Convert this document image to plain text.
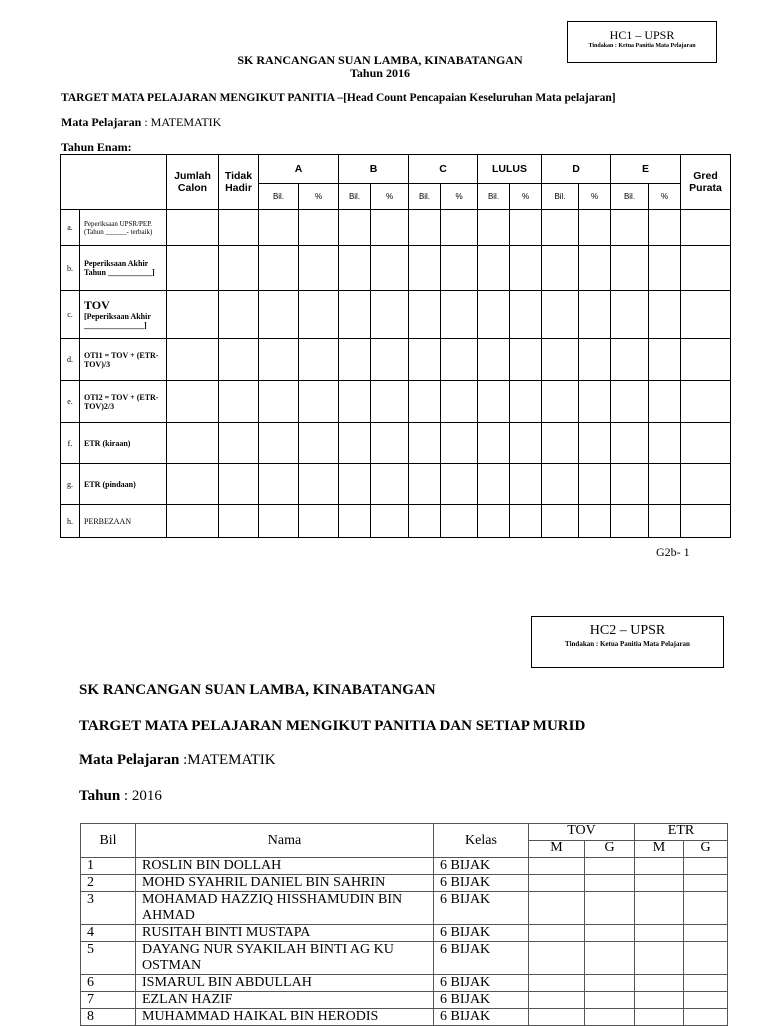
HC1 – UPSR
Tindakan : Ketua Panitia Mata Pelajaran
SK RANCANGAN SUAN LAMBA, KINABATANGAN
Tahun 2016
TARGET MATA PELAJARAN MENGIKUT PANITIA –[Head Count Pencapaian Keseluruhan Mata pelajaran]
Mata Pelajaran : MATEMATIK
Tahun Enam:
		Jumlah Calon	Tidak Hadir	A		B		C		LULUS		D		E		Gred Purata
				Bil.	%	Bil.	%	Bil.	%	Bil.	%	Bil.	%	Bil.	%	
a.	Peperiksaan UPSR/PEP. (Tahun ______- terbaik)															
b.	Peperiksaan Akhir Tahun ___________]															
c.	TOV
[Peperiksaan Akhir _______________]															

d.	OTI1 = TOV + (ETR-TOV)/3															
e.	OTI2 = TOV + (ETR-TOV)2/3															
f.	ETR (kiraan)															
g.	ETR (pindaan)															
h.	PERBEZAAN															
G2b- 1
HC2 – UPSR
Tindakan : Ketua Panitia Mata Pelajaran
SK RANCANGAN SUAN LAMBA, KINABATANGAN
TARGET MATA PELAJARAN MENGIKUT PANITIA DAN SETIAP MURID
Mata Pelajaran :MATEMATIK
Tahun : 2016
Bil	Nama	Kelas	TOV		ETR	
			M	G	M	G
1	ROSLIN BIN DOLLAH	6 BIJAK				
2	MOHD SYAHRIL DANIEL BIN SAHRIN	6 BIJAK				
3	MOHAMAD HAZZIQ HISSHAMUDIN BIN AHMAD	6 BIJAK				
4	RUSITAH BINTI MUSTAPA	6 BIJAK				
5	DAYANG NUR SYAKILAH BINTI AG KU OSTMAN	6 BIJAK				
6	ISMARUL BIN ABDULLAH	6 BIJAK				
7	EZLAN HAZIF	6 BIJAK				
8	MUHAMMAD HAIKAL BIN HERODIS	6 BIJAK				
